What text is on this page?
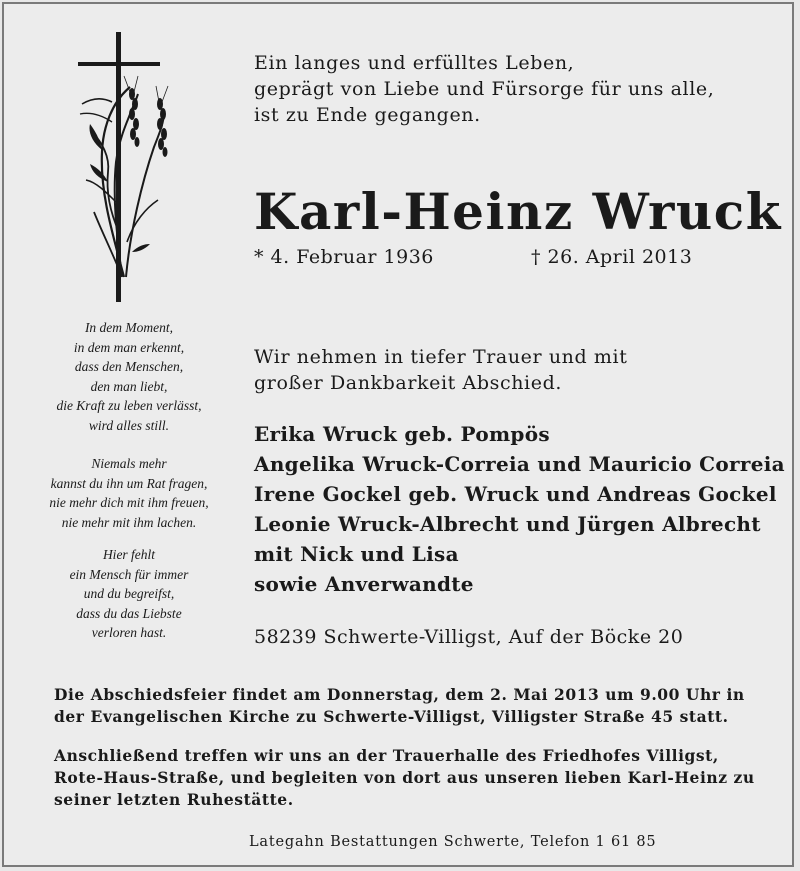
Ein langes und erfülltes Leben,
geprägt von Liebe und Fürsorge für uns alle,
ist zu Ende gegangen.
Karl-Heinz Wruck
* 4. Februar 1936	† 26. April 2013
In dem Moment,
in dem man erkennt,
dass den Menschen,
den man liebt,
die Kraft zu leben verlässt,
wird alles still.
Niemals mehr
kannst du ihn um Rat fragen,
nie mehr dich mit ihm freuen,
nie mehr mit ihm lachen.
Hier fehlt
ein Mensch für immer
und du begreifst,
dass du das Liebste
verloren hast.
Wir nehmen in tiefer Trauer und mit
großer Dankbarkeit Abschied.
Erika Wruck geb. Pompös
Angelika Wruck-Correia und Mauricio Correia
Irene Gockel geb. Wruck und Andreas Gockel
Leonie Wruck-Albrecht und Jürgen Albrecht
mit Nick und Lisa
sowie Anverwandte
58239 Schwerte-Villigst, Auf der Böcke 20
Die Abschiedsfeier findet am Donnerstag, dem 2. Mai 2013 um 9.00 Uhr in
der Evangelischen Kirche zu Schwerte-Villigst, Villigster Straße 45 statt.
Anschließend treffen wir uns an der Trauerhalle des Friedhofes Villigst,
Rote-Haus-Straße, und begleiten von dort aus unseren lieben Karl-Heinz zu
seiner letzten Ruhestätte.
Lategahn Bestattungen Schwerte, Telefon 1 61 85
